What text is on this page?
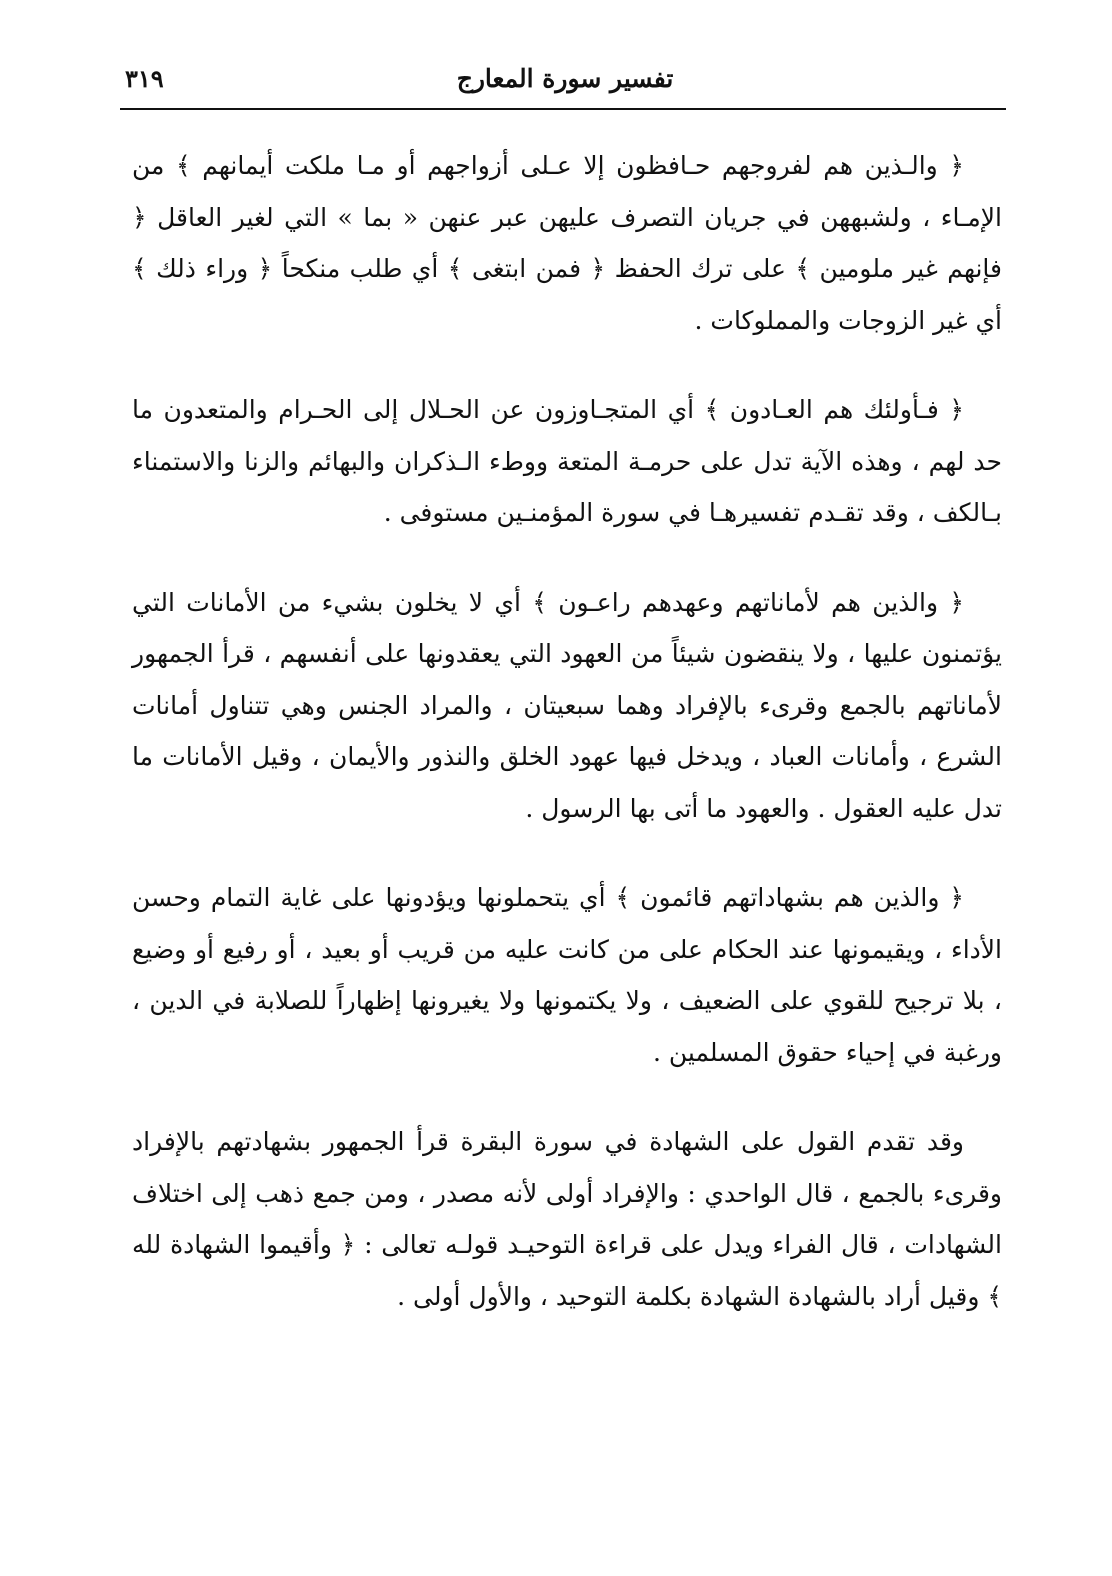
٣١٩	تفسير سورة المعارج

﴿ والـذين هم لفروجهم حـافظون إلا عـلى أزواجهم أو مـا ملكت أيمانهم ﴾ من الإمـاء ، ولشبههن في جريان التصرف عليهن عبر عنهن « بما » التي لغير العاقل ﴿ فإنهم غير ملومين ﴾ على ترك الحفظ ﴿ فمن ابتغى ﴾ أي طلب منكحاً ﴿ وراء ذلك ﴾ أي غير الزوجات والمملوكات .

﴿ فـأولئك هم العـادون ﴾ أي المتجـاوزون عن الحـلال إلى الحـرام والمتعدون ما حد لهم ، وهذه الآية تدل على حرمـة المتعة ووطء الـذكران والبهائم والزنا والاستمناء بـالكف ، وقد تقـدم تفسيرهـا في سورة المؤمنـين مستوفى .

﴿ والذين هم لأماناتهم وعهدهم راعـون ﴾ أي لا يخلون بشيء من الأمانات التي يؤتمنون عليها ، ولا ينقضون شيئاً من العهود التي يعقدونها على أنفسهم ، قرأ الجمهور لأماناتهم بالجمع وقرىء بالإفراد وهما سبعيتان ، والمراد الجنس وهي تتناول أمانات الشرع ، وأمانات العباد ، ويدخل فيها عهود الخلق والنذور والأيمان ، وقيل الأمانات ما تدل عليه العقول . والعهود ما أتى بها الرسول .

﴿ والذين هم بشهاداتهم قائمون ﴾ أي يتحملونها ويؤدونها على غاية التمام وحسن الأداء ، ويقيمونها عند الحكام على من كانت عليه من قريب أو بعيد ، أو رفيع أو وضيع ، بلا ترجيح للقوي على الضعيف ، ولا يكتمونها ولا يغيرونها إظهاراً للصلابة في الدين ، ورغبة في إحياء حقوق المسلمين .

وقد تقدم القول على الشهادة في سورة البقرة قرأ الجمهور بشهادتهم بالإفراد وقرىء بالجمع ، قال الواحدي : والإفراد أولى لأنه مصدر ، ومن جمع ذهب إلى اختلاف الشهادات ، قال الفراء ويدل على قراءة التوحيـد قولـه تعالى : ﴿ وأقيموا الشهادة لله ﴾ وقيل أراد بالشهادة الشهادة بكلمة التوحيد ، والأول أولى .
